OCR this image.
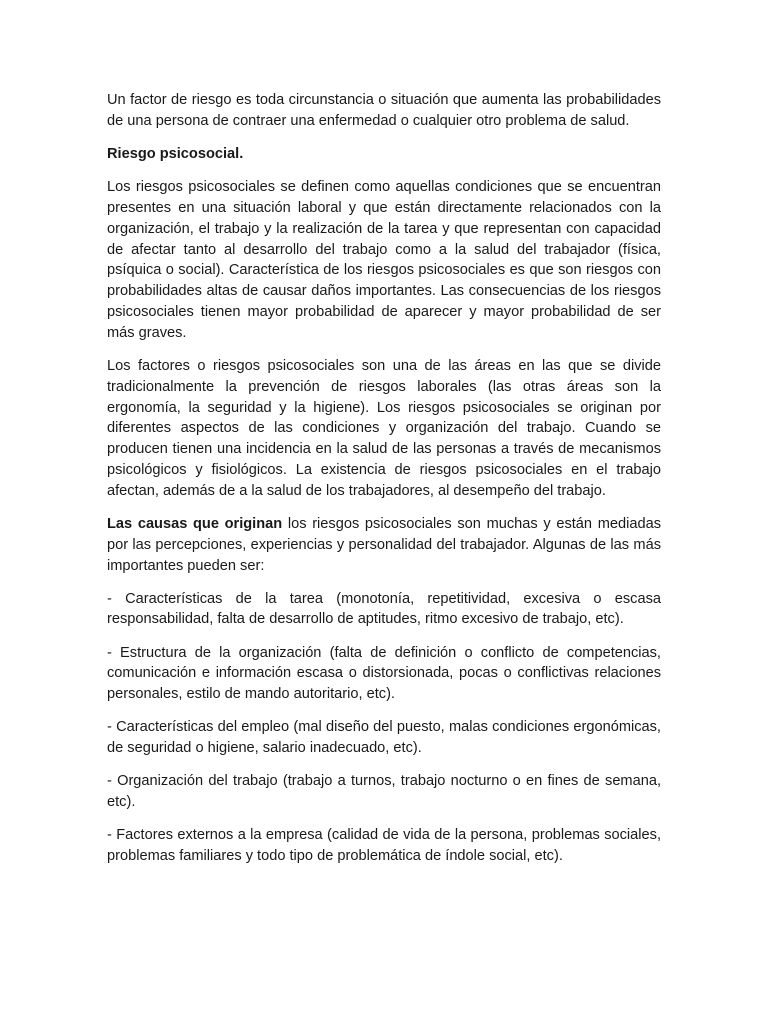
Un factor de riesgo es toda circunstancia o situación que aumenta las probabilidades de una persona de contraer una enfermedad o cualquier otro problema de salud.

Riesgo psicosocial.

Los riesgos psicosociales se definen como aquellas condiciones que se encuentran presentes en una situación laboral y que están directamente relacionados con la organización, el trabajo y la realización de la tarea y que representan con capacidad de afectar tanto al desarrollo del trabajo como a la salud del trabajador (física, psíquica o social). Característica de los riesgos psicosociales es que son riesgos con probabilidades altas de causar daños importantes. Las consecuencias de los riesgos psicosociales tienen mayor probabilidad de aparecer y mayor probabilidad de ser más graves.

Los factores o riesgos psicosociales son una de las áreas en las que se divide tradicionalmente la prevención de riesgos laborales (las otras áreas son la ergonomía, la seguridad y la higiene). Los riesgos psicosociales se originan por diferentes aspectos de las condiciones y organización del trabajo. Cuando se producen tienen una incidencia en la salud de las personas a través de mecanismos psicológicos y fisiológicos. La existencia de riesgos psicosociales en el trabajo afectan, además de a la salud de los trabajadores, al desempeño del trabajo.

Las causas que originan los riesgos psicosociales son muchas y están mediadas por las percepciones, experiencias y personalidad del trabajador. Algunas de las más importantes pueden ser:

- Características de la tarea (monotonía, repetitividad, excesiva o escasa responsabilidad, falta de desarrollo de aptitudes, ritmo excesivo de trabajo, etc).

- Estructura de la organización (falta de definición o conflicto de competencias, comunicación e información escasa o distorsionada, pocas o conflictivas relaciones personales, estilo de mando autoritario, etc).

- Características del empleo (mal diseño del puesto, malas condiciones ergonómicas, de seguridad o higiene, salario inadecuado, etc).

- Organización del trabajo (trabajo a turnos, trabajo nocturno o en fines de semana, etc).

- Factores externos a la empresa (calidad de vida de la persona, problemas sociales, problemas familiares y todo tipo de problemática de índole social, etc).
